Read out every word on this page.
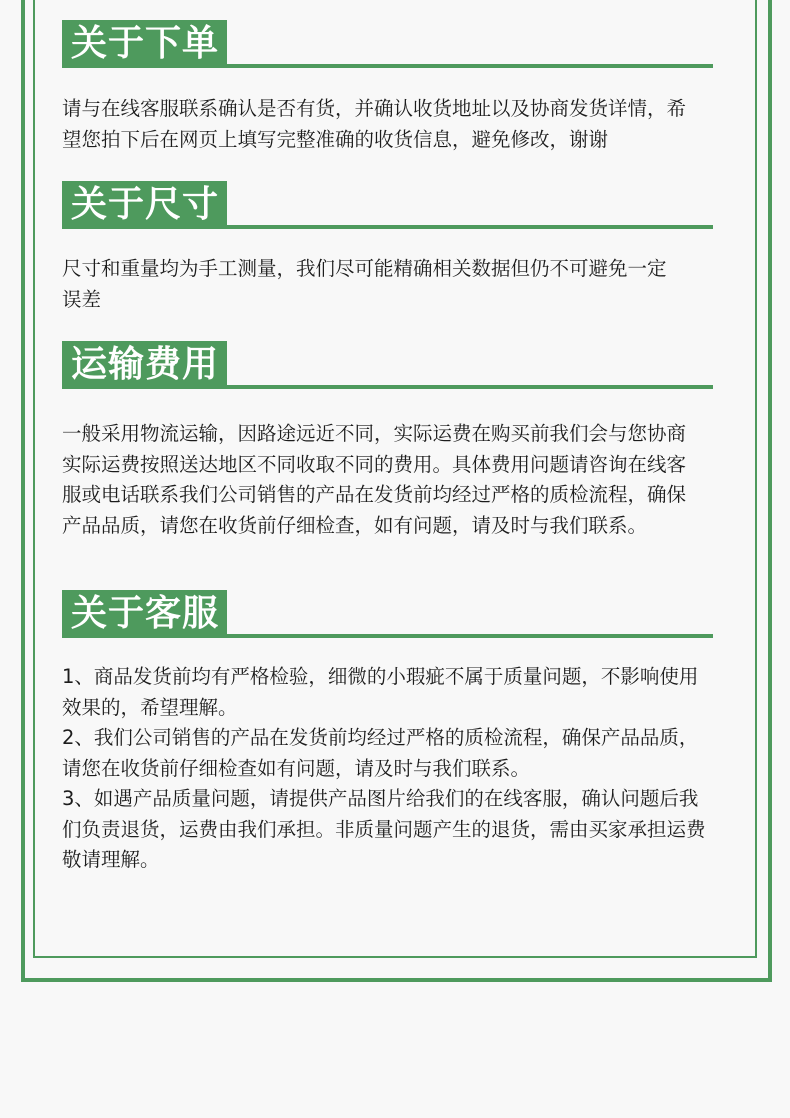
关于下单

请与在线客服联系确认是否有货，并确认收货地址以及协商发货详情，希

望您拍下后在网页上填写完整准确的收货信息，避免修改，谢谢

关于尺寸

尺寸和重量均为手工测量，我们尽可能精确相关数据但仍不可避免一定

误差

运输费用

一般采用物流运输，因路途远近不同，实际运费在购买前我们会与您协商

实际运费按照送达地区不同收取不同的费用。具体费用问题请咨询在线客

服或电话联系我们公司销售的产品在发货前均经过严格的质检流程，确保

产品品质，请您在收货前仔细检查，如有问题，请及时与我们联系。

关于客服

1、商品发货前均有严格检验，细微的小瑕疵不属于质量问题，不影响使用

效果的，希望理解。

2、我们公司销售的产品在发货前均经过严格的质检流程，确保产品品质，

请您在收货前仔细检查如有问题，请及时与我们联系。

3、如遇产品质量问题，请提供产品图片给我们的在线客服，确认问题后我

们负责退货，运费由我们承担。非质量问题产生的退货，需由买家承担运费

敬请理解。
